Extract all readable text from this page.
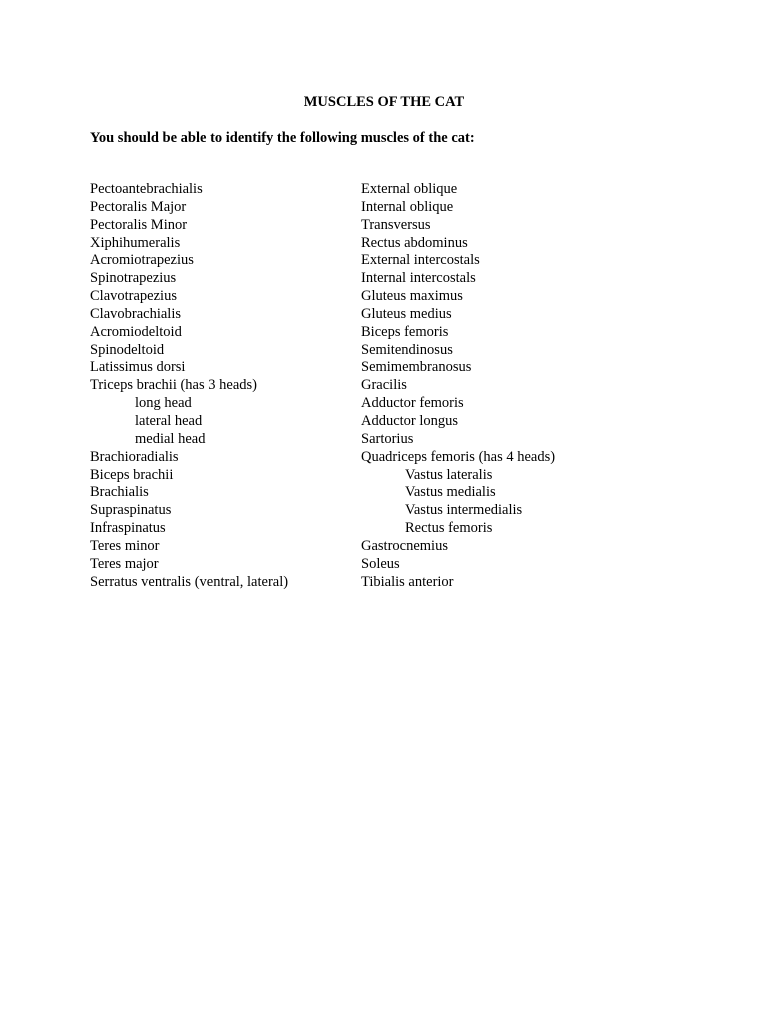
MUSCLES OF THE CAT

You should be able to identify the following muscles of the cat:

Pectoantebrachialis
Pectoralis Major
Pectoralis Minor
Xiphihumeralis
Acromiotrapezius
Spinotrapezius
Clavotrapezius
Clavobrachialis
Acromiodeltoid
Spinodeltoid
Latissimus dorsi
Triceps brachii (has 3 heads)
long head
lateral head
medial head
Brachioradialis
Biceps brachii
Brachialis
Supraspinatus
Infraspinatus
Teres minor
Teres major
Serratus ventralis (ventral, lateral)
External oblique
Internal oblique
Transversus
Rectus abdominus
External intercostals
Internal intercostals
Gluteus maximus
Gluteus medius
Biceps femoris
Semitendinosus
Semimembranosus
Gracilis
Adductor femoris
Adductor longus
Sartorius
Quadriceps femoris (has 4 heads)
Vastus lateralis
Vastus medialis
Vastus intermedialis
Rectus femoris
Gastrocnemius
Soleus
Tibialis anterior
